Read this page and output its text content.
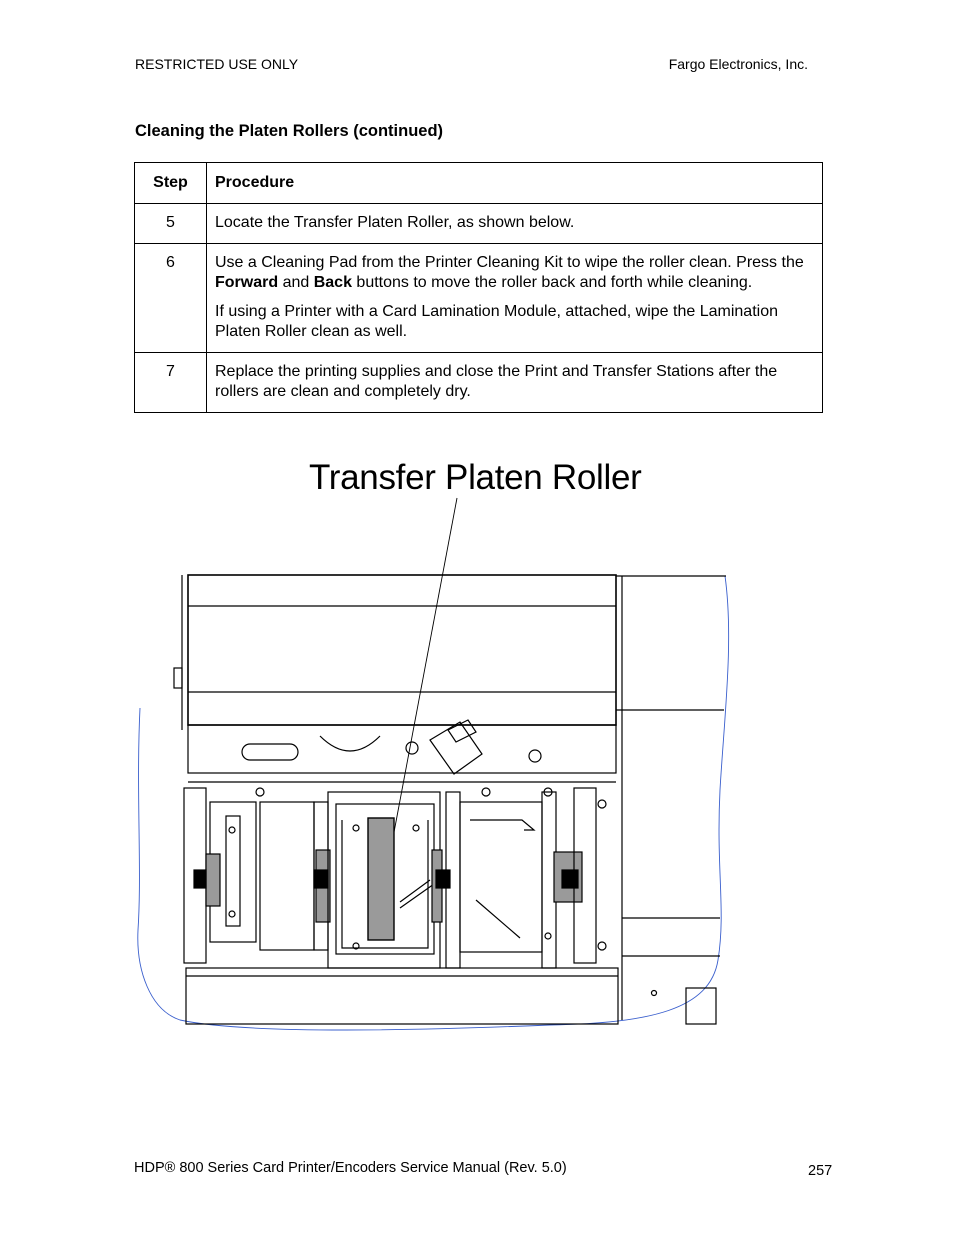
RESTRICTED USE ONLY	Fargo Electronics, Inc.
Cleaning the Platen Rollers (continued)
Step	Procedure
5	Locate the Transfer Platen Roller, as shown below.

6	Use a Cleaning Pad from the Printer Cleaning Kit to wipe the roller clean. Press the Forward and Back buttons to move the roller back and forth while cleaning.

If using a Printer with a Card Lamination Module, attached, wipe the Lamination Platen Roller clean as well.

7	Replace the printing supplies and close the Print and Transfer Stations after the rollers are clean and completely dry.

Transfer Platen Roller
HDP® 800 Series Card Printer/Encoders Service Manual (Rev. 5.0)	257
